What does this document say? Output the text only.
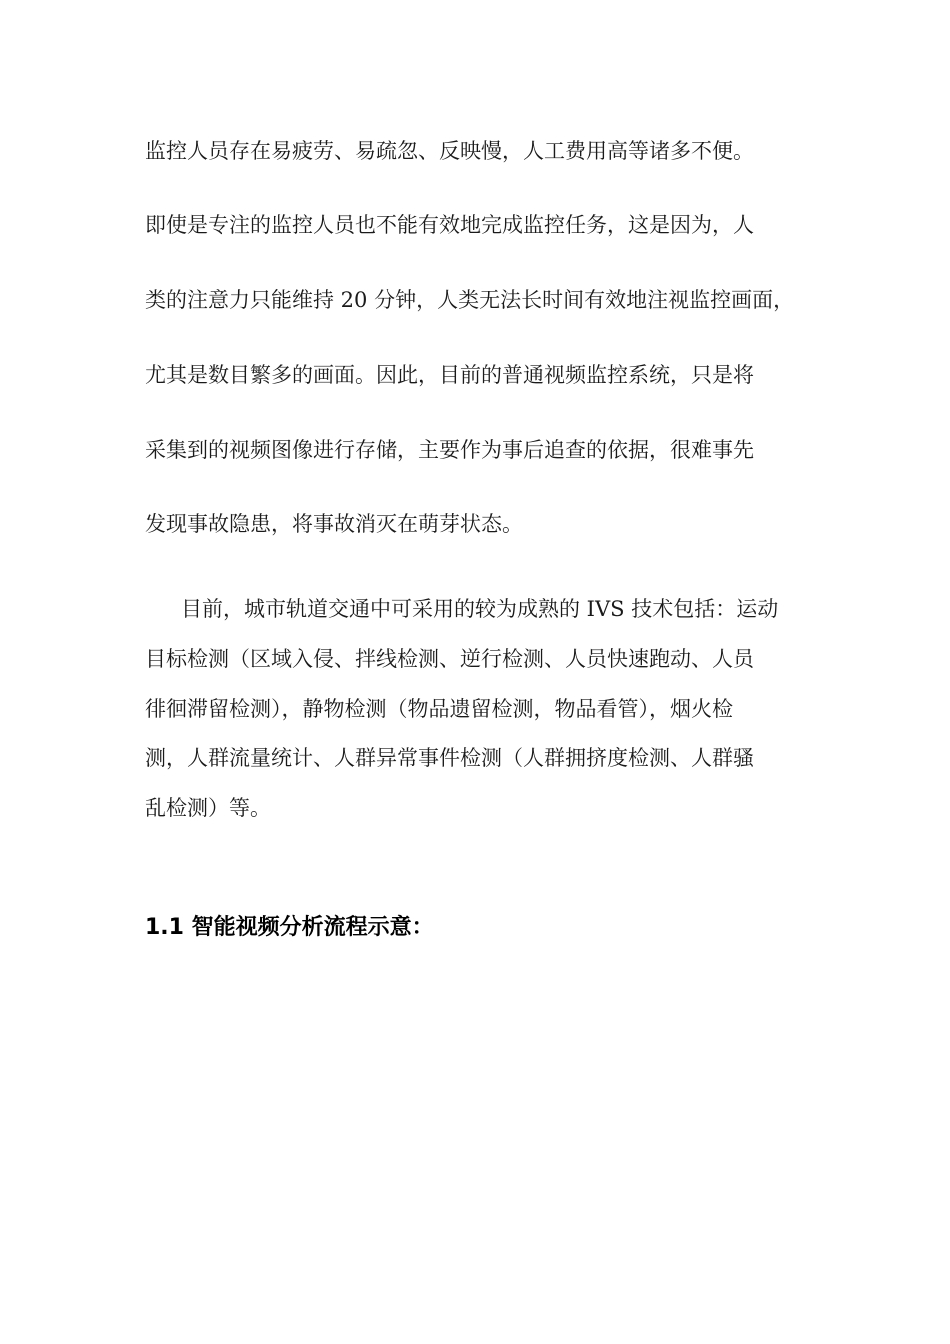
监控人员存在易疲劳、易疏忽、反映慢，人工费用高等诸多不便。

即使是专注的监控人员也不能有效地完成监控任务，这是因为，人

类的注意力只能维持 20 分钟，人类无法长时间有效地注视监控画面，

尤其是数目繁多的画面。因此，目前的普通视频监控系统，只是将

采集到的视频图像进行存储，主要作为事后追查的依据，很难事先

发现事故隐患，将事故消灭在萌芽状态。

目前，城市轨道交通中可采用的较为成熟的 IVS 技术包括：运动

目标检测（区域入侵、拌线检测、逆行检测、人员快速跑动、人员

徘徊滞留检测），静物检测（物品遗留检测，物品看管），烟火检

测，人群流量统计、人群异常事件检测（人群拥挤度检测、人群骚

乱检测）等。

1.1 智能视频分析流程示意：
